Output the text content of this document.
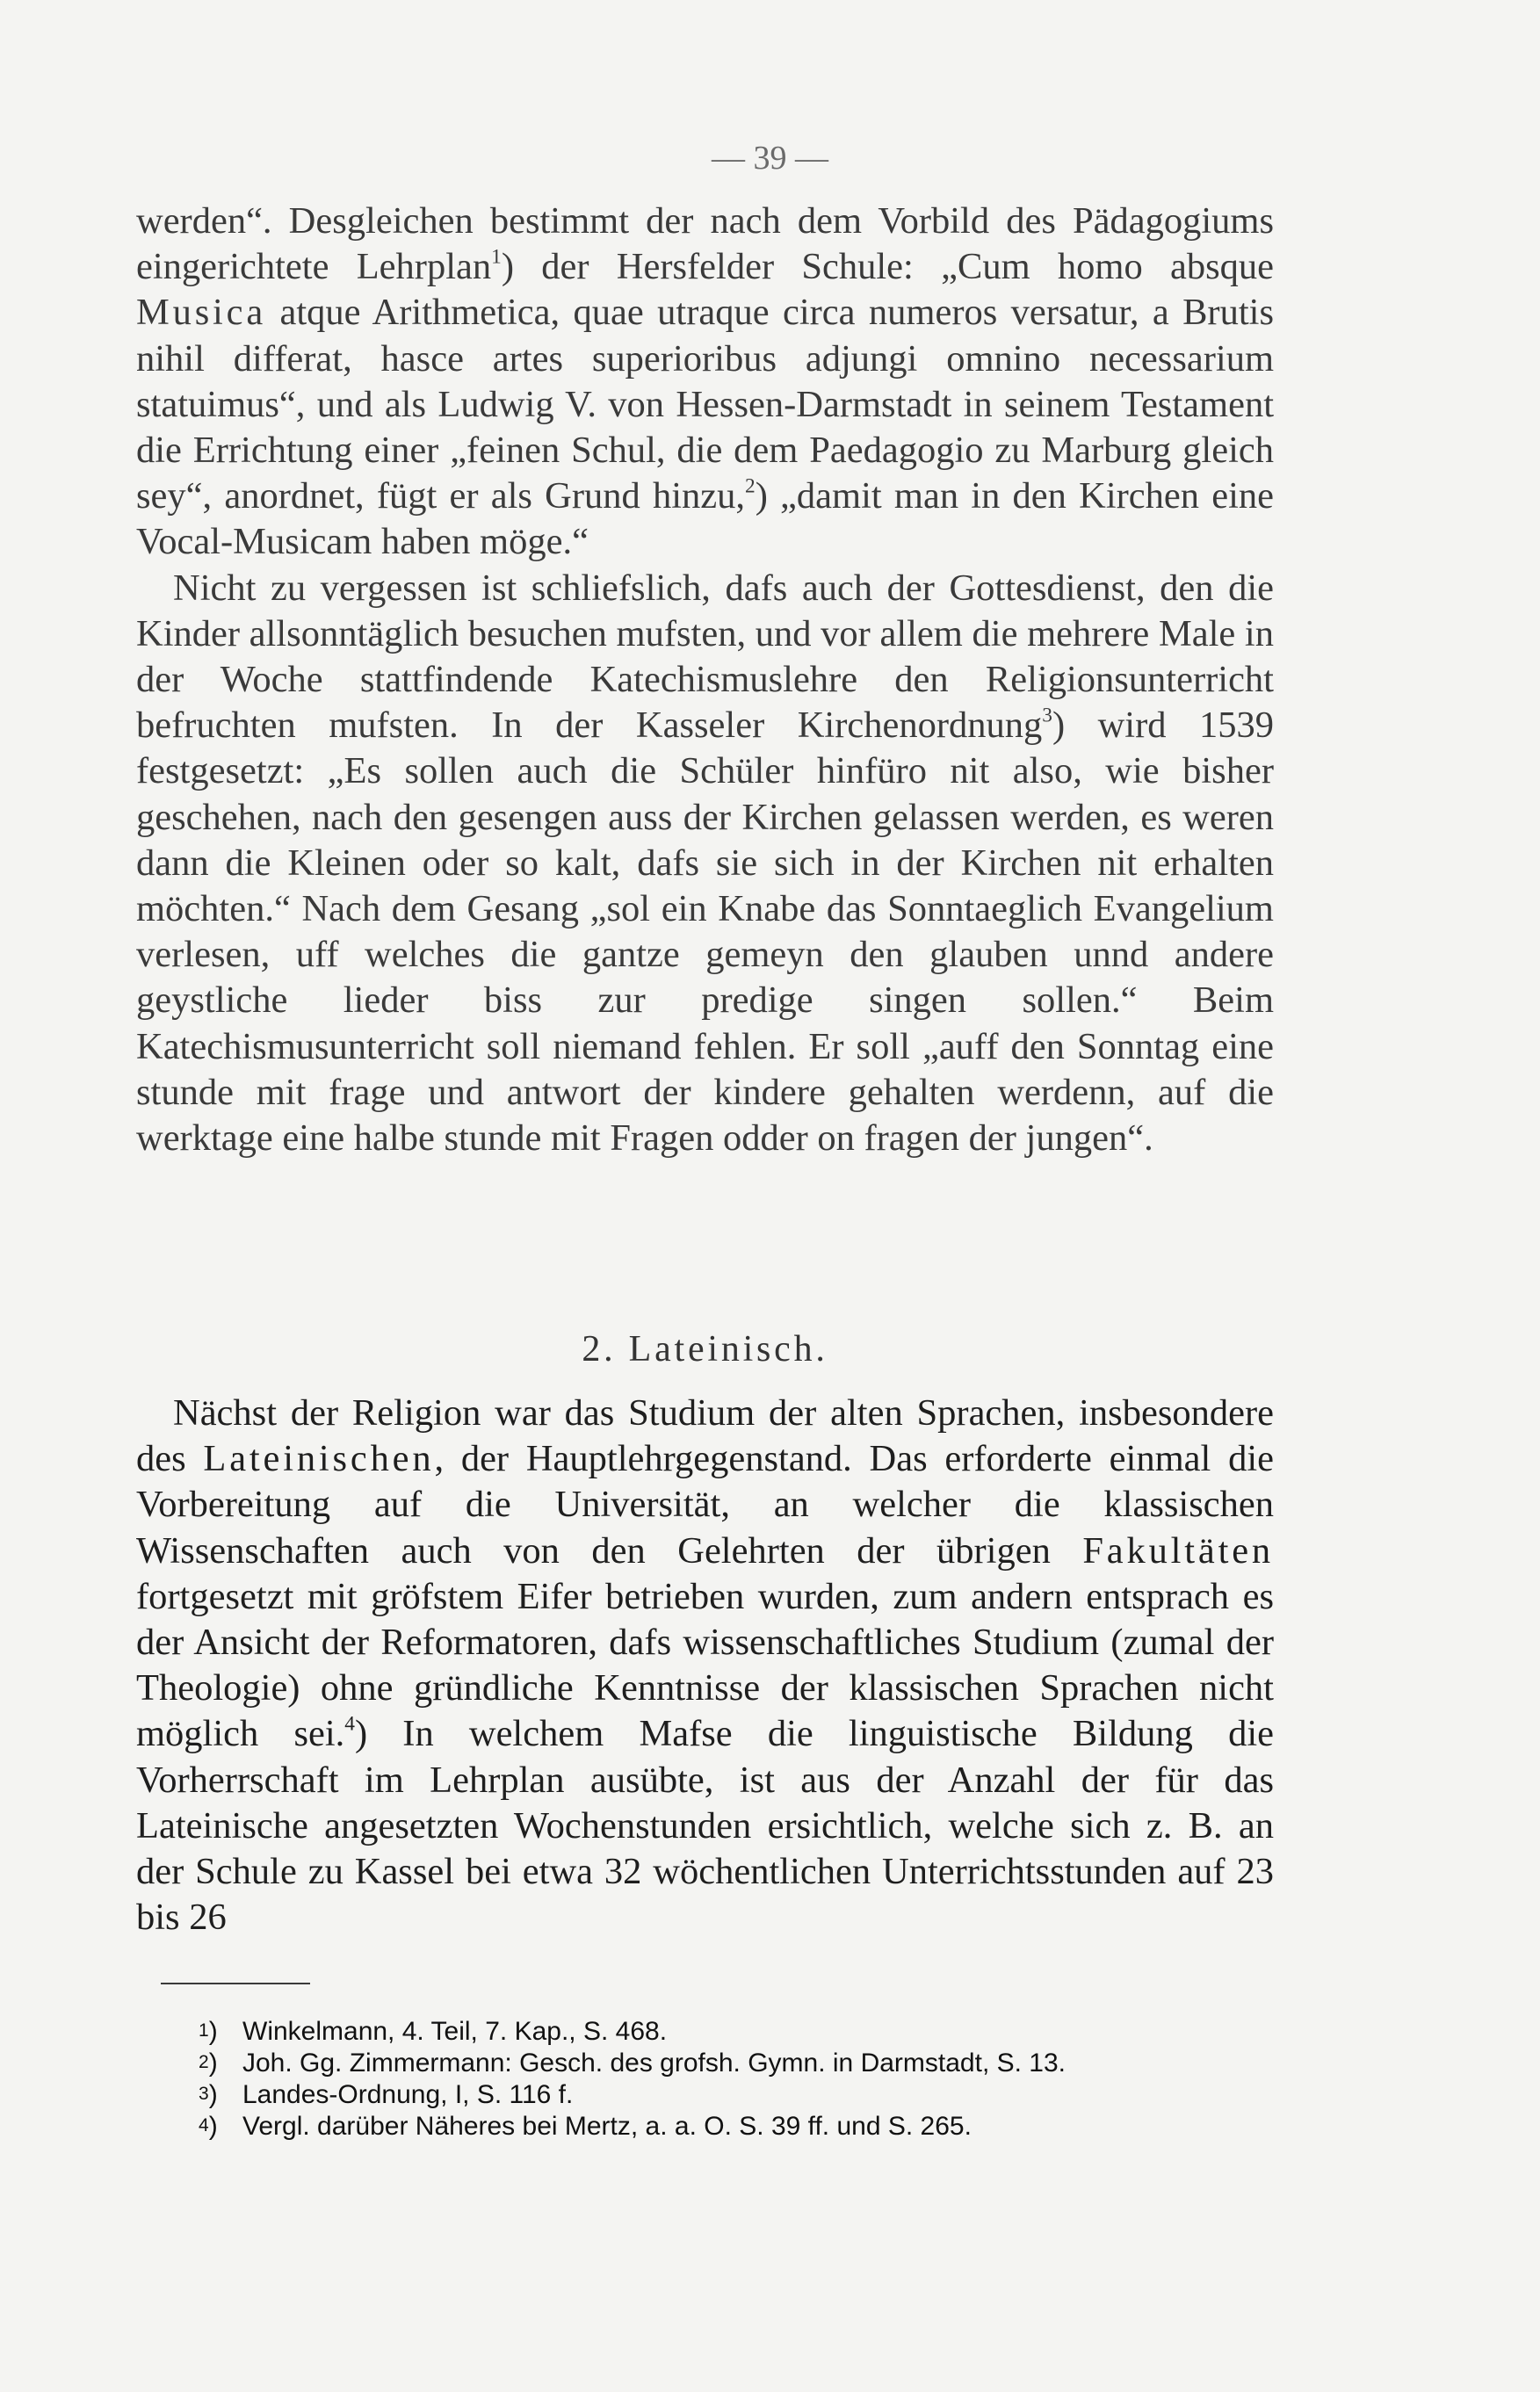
— 39 —

werden“. Desgleichen bestimmt der nach dem Vorbild des Pädagogiums eingerichtete Lehrplan$^1$) der Hersfelder Schule: „Cum homo absque Musica atque Arithmetica, quae utraque circa numeros versatur, a Brutis nihil differat, hasce artes superioribus adjungi omnino necessarium statuimus“, und als Ludwig V. von Hessen-Darmstadt in seinem Testament die Errichtung einer „feinen Schul, die dem Paedagogio zu Marburg gleich sey“, anordnet, fügt er als Grund hinzu,$^2$) „damit man in den Kirchen eine Vocal-Musicam haben möge.“

Nicht zu vergessen ist schliefslich, dafs auch der Gottesdienst, den die Kinder allsonntäglich besuchen mufsten, und vor allem die mehrere Male in der Woche stattfindende Katechismuslehre den Religionsunterricht befruchten mufsten. In der Kasseler Kirchenordnung$^3$) wird 1539 festgesetzt: „Es sollen auch die Schüler hinfüro nit also, wie bisher geschehen, nach den gesengen auss der Kirchen gelassen werden, es weren dann die Kleinen oder so kalt, dafs sie sich in der Kirchen nit erhalten möchten.“ Nach dem Gesang „sol ein Knabe das Sonntaeglich Evangelium verlesen, uff welches die gantze gemeyn den glauben unnd andere geystliche lieder biss zur predige singen sollen.“ Beim Katechismusunterricht soll niemand fehlen. Er soll „auff den Sonntag eine stunde mit frage und antwort der kindere gehalten werdenn, auf die werktage eine halbe stunde mit Fragen odder on fragen der jungen“.

2. Lateinisch.

Nächst der Religion war das Studium der alten Sprachen, insbesondere des Lateinischen, der Hauptlehrgegenstand. Das erforderte einmal die Vorbereitung auf die Universität, an welcher die klassischen Wissenschaften auch von den Gelehrten der übrigen Fakultäten fortgesetzt mit gröfstem Eifer betrieben wurden, zum andern entsprach es der Ansicht der Reformatoren, dafs wissenschaftliches Studium (zumal der Theologie) ohne gründliche Kenntnisse der klassischen Sprachen nicht möglich sei.$^4$) In welchem Mafse die linguistische Bildung die Vorherrschaft im Lehrplan ausübte, ist aus der Anzahl der für das Lateinische angesetzten Wochenstunden ersichtlich, welche sich z. B. an der Schule zu Kassel bei etwa 32 wöchentlichen Unterrichtsstunden auf 23 bis 26

1 )	Winkelmann, 4. Teil, 7. Kap., S. 468.

2 )	Joh. Gg. Zimmermann: Gesch. des grofsh. Gymn. in Darmstadt, S. 13.

3 )	Landes-Ordnung, I, S. 116 f.

4 )	Vergl. darüber Näheres bei Mertz, a. a. O. S. 39 ff. und S. 265.
